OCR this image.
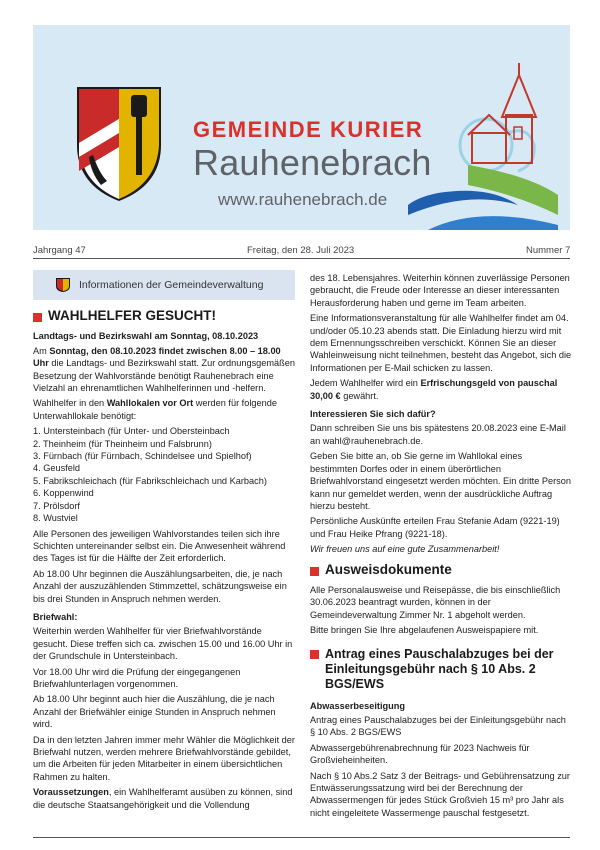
GEMEINDE KURIER
Rauhenebrach
www.rauhenebrach.de
Jahrgang 47	Freitag, den 28. Juli 2023	Nummer 7
Informationen der Gemeindeverwaltung
WAHLHELFER GESUCHT!
Landtags- und Bezirkswahl am Sonntag, 08.10.2023

Am Sonntag, den 08.10.2023 findet zwischen 8.00 – 18.00 Uhr die Landtags- und Bezirkswahl statt. Zur ordnungsgemäßen Besetzung der Wahlvorstände benötigt Rauhenebrach eine Vielzahl an ehrenamtlichen Wahlhelferinnen und -helfern.

Wahlhelfer in den Wahllokalen vor Ort werden für folgende Unterwahllokale benötigt:

1. Untersteinbach (für Unter- und Obersteinbach
2. Theinheim (für Theinheim und Falsbrunn)
3. Fürnbach (für Fürnbach, Schindelsee und Spielhof)
4. Geusfeld
5. Fabrikschleichach (für Fabrikschleichach und Karbach)
6. Koppenwind
7. Prölsdorf
8. Wustviel

Alle Personen des jeweiligen Wahlvorstandes teilen sich ihre Schichten untereinander selbst ein. Die Anwesenheit während des Tages ist für die Hälfte der Zeit erforderlich.

Ab 18.00 Uhr beginnen die Auszählungsarbeiten, die, je nach Anzahl der auszuzählenden Stimmzettel, schätzungsweise ein bis drei Stunden in Anspruch nehmen werden.

Briefwahl:

Weiterhin werden Wahlhelfer für vier Briefwahlvorstände gesucht. Diese treffen sich ca. zwischen 15.00 und 16.00 Uhr in der Grundschule in Untersteinbach.

Vor 18.00 Uhr wird die Prüfung der eingegangenen Briefwahlunterlagen vorgenommen.

Ab 18.00 Uhr beginnt auch hier die Auszählung, die je nach Anzahl der Briefwähler einige Stunden in Anspruch nehmen wird.

Da in den letzten Jahren immer mehr Wähler die Möglichkeit der Briefwahl nutzen, werden mehrere Briefwahlvorstände gebildet, um die Arbeiten für jeden Mitarbeiter in einem übersichtlichen Rahmen zu halten.

Voraussetzungen, ein Wahlhelferamt ausüben zu können, sind die deutsche Staatsangehörigkeit und die Vollendung

des 18. Lebensjahres. Weiterhin können zuverlässige Personen gebraucht, die Freude oder Interesse an dieser interessanten Herausforderung haben und gerne im Team arbeiten.

Eine Informationsveranstaltung für alle Wahlhelfer findet am 04. und/oder 05.10.23 abends statt. Die Einladung hierzu wird mit dem Ernennungsschreiben verschickt. Können Sie an dieser Wahleinweisung nicht teilnehmen, besteht das Angebot, sich die Informationen per E-Mail schicken zu lassen.

Jedem Wahlhelfer wird ein Erfrischungsgeld von pauschal 30,00 € gewährt.

Interessieren Sie sich dafür?

Dann schreiben Sie uns bis spätestens 20.08.2023 eine E-Mail an wahl@rauhenebrach.de.

Geben Sie bitte an, ob Sie gerne im Wahllokal eines bestimmten Dorfes oder in einem überörtlichen Briefwahlvorstand eingesetzt werden möchten. Ein dritte Person kann nur gemeldet werden, wenn der ausdrückliche Auftrag hierzu besteht.

Persönliche Auskünfte erteilen Frau Stefanie Adam (9221-19) und Frau Heike Pfrang (9221-18).

Wir freuen uns auf eine gute Zusammenarbeit!

Ausweisdokumente

Alle Personalausweise und Reisepässe, die bis einschließlich 30.06.2023 beantragt wurden, können in der Gemeindeverwaltung Zimmer Nr. 1 abgeholt werden.

Bitte bringen Sie Ihre abgelaufenen Ausweispapiere mit.

Antrag eines Pauschalabzuges bei der Einleitungsgebühr nach § 10 Abs. 2 BGS/EWS
Abwasserbeseitigung

Antrag eines Pauschalabzuges bei der Einleitungsgebühr nach § 10 Abs. 2 BGS/EWS

Abwassergebührenabrechnung für 2023 Nachweis für Großvieheinheiten.

Nach § 10 Abs.2 Satz 3 der Beitrags- und Gebührensatzung zur Entwässerungssatzung wird bei der Berechnung der Abwassermengen für jedes Stück Großvieh 15 m³ pro Jahr als nicht eingeleitete Wassermenge pauschal festgesetzt.
